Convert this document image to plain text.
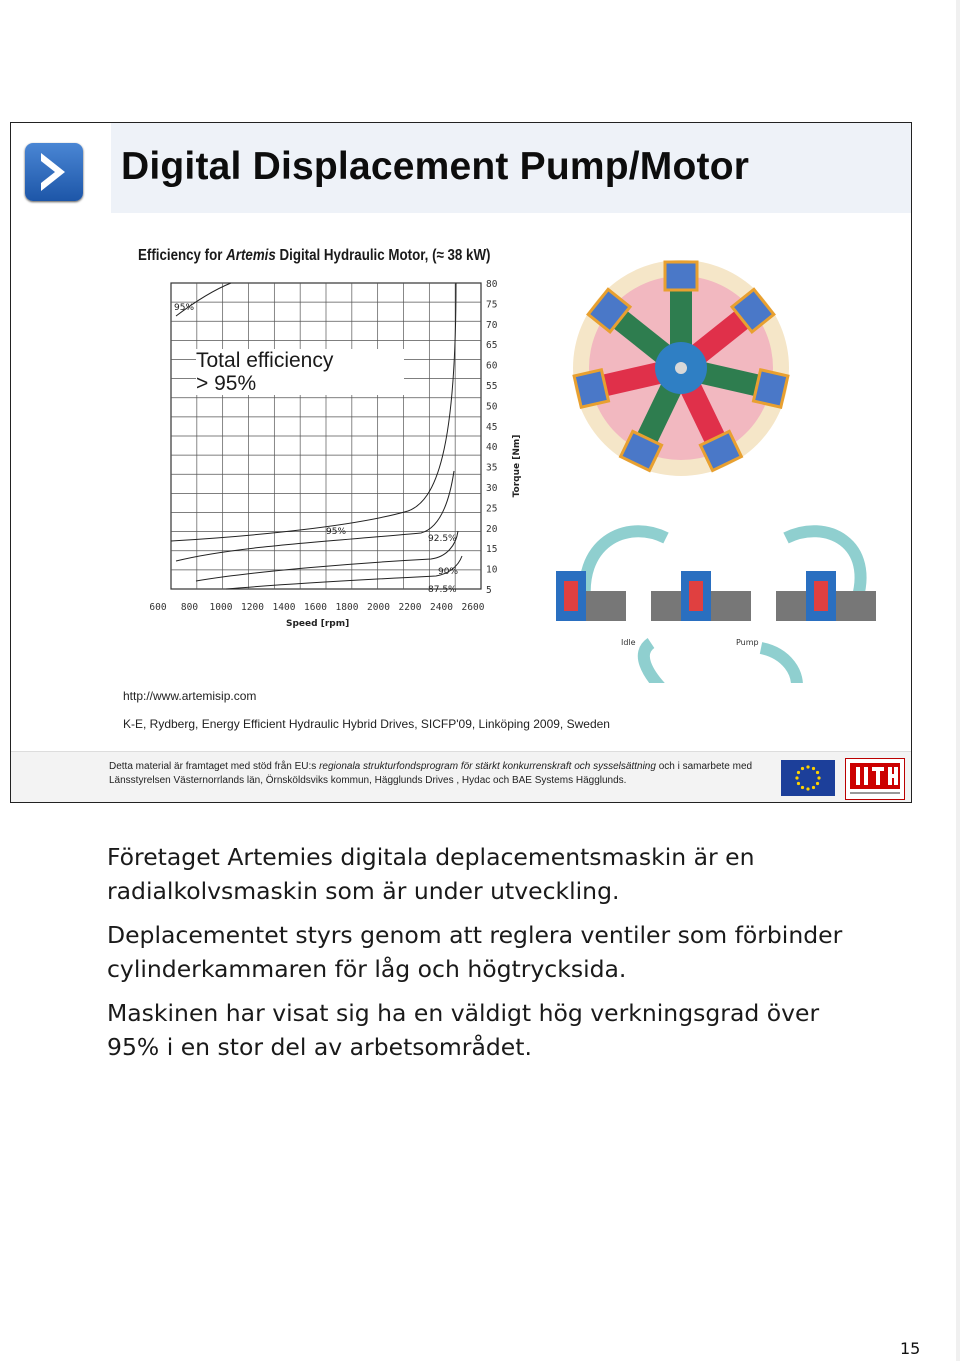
Digital Displacement Pump/Motor
Efficiency for Artemis Digital Hydraulic Motor, (≈ 38 kW)
80
75
70
65
60
55
50
45
40
35
30
25
20
15
10
5
600 800 1000 1200 1400 1600 1800 2000 2200 2400 2600
Speed [rpm]
Torque [Nm]
95%
95%
92.5%
90%
87.5%
Total efficiency
> 95%
Idle	Pump
http://www.artemisip.com
K-E, Rydberg, Energy Efficient Hydraulic Hybrid Drives, SICFP'09, Linköping 2009, Sweden
Detta material är framtaget med stöd från EU:s regionala strukturfondsprogram för stärkt konkurrenskraft och sysselsättning och i samarbete med Länsstyrelsen Västernorrlands län, Örnsköldsviks kommun, Hägglunds Drives , Hydac och BAE Systems Hägglunds.

Företaget Artemies digitala deplacementsmaskin är en radialkolvsmaskin som är under utveckling.

Deplacementet styrs genom att reglera ventiler som förbinder cylinderkammaren för låg och högtrycksida.

Maskinen har visat sig ha en väldigt hög verkningsgrad över 95% i en stor del av arbetsområdet.

15
